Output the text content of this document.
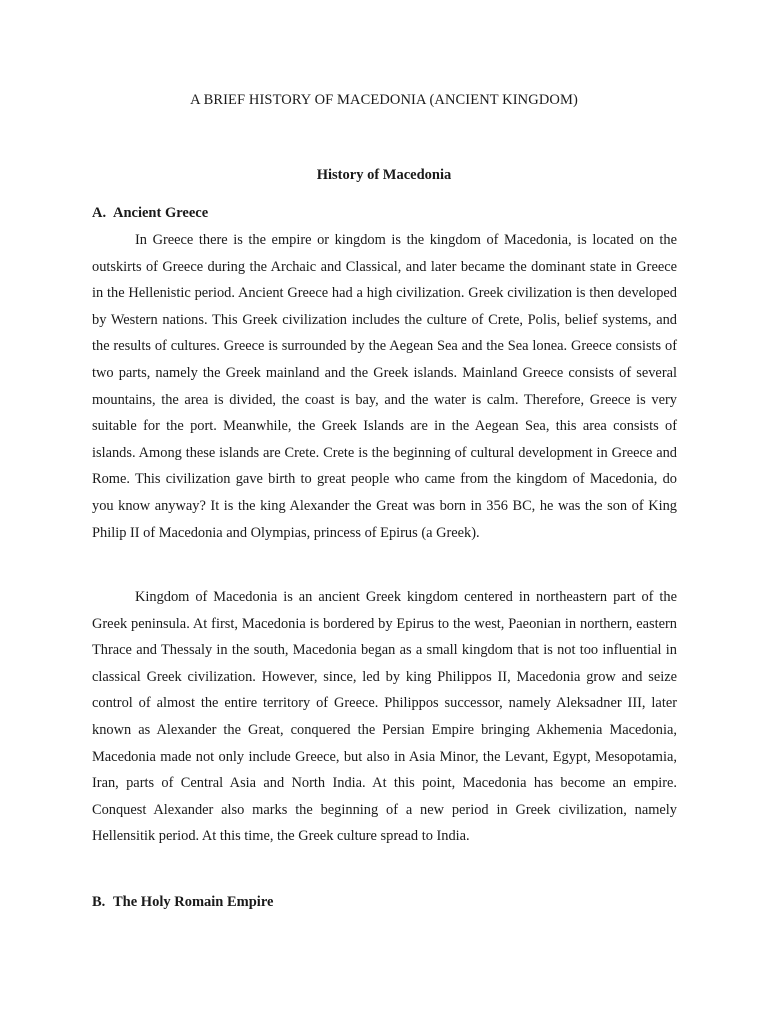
A BRIEF HISTORY OF MACEDONIA (ANCIENT KINGDOM)
History of Macedonia
A. Ancient Greece

In Greece there is the empire or kingdom is the kingdom of Macedonia, is located on the outskirts of Greece during the Archaic and Classical, and later became the dominant state in Greece in the Hellenistic period. Ancient Greece had a high civilization. Greek civilization is then developed by Western nations. This Greek civilization includes the culture of Crete, Polis, belief systems, and the results of cultures. Greece is surrounded by the Aegean Sea and the Sea lonea. Greece consists of two parts, namely the Greek mainland and the Greek islands. Mainland Greece consists of several mountains, the area is divided, the coast is bay, and the water is calm. Therefore, Greece is very suitable for the port. Meanwhile, the Greek Islands are in the Aegean Sea, this area consists of islands. Among these islands are Crete. Crete is the beginning of cultural development in Greece and Rome. This civilization gave birth to great people who came from the kingdom of Macedonia, do you know anyway? It is the king Alexander the Great was born in 356 BC, he was the son of King Philip II of Macedonia and Olympias, princess of Epirus (a Greek).

Kingdom of Macedonia is an ancient Greek kingdom centered in northeastern part of the Greek peninsula. At first, Macedonia is bordered by Epirus to the west, Paeonian in northern, eastern Thrace and Thessaly in the south, Macedonia began as a small kingdom that is not too influential in classical Greek civilization. However, since, led by king Philippos II, Macedonia grow and seize control of almost the entire territory of Greece. Philippos successor, namely Aleksadner III, later known as Alexander the Great, conquered the Persian Empire bringing Akhemenia Macedonia, Macedonia made not only include Greece, but also in Asia Minor, the Levant, Egypt, Mesopotamia, Iran, parts of Central Asia and North India. At this point, Macedonia has become an empire. Conquest Alexander also marks the beginning of a new period in Greek civilization, namely Hellensitik period. At this time, the Greek culture spread to India.

B. The Holy Romain Empire
